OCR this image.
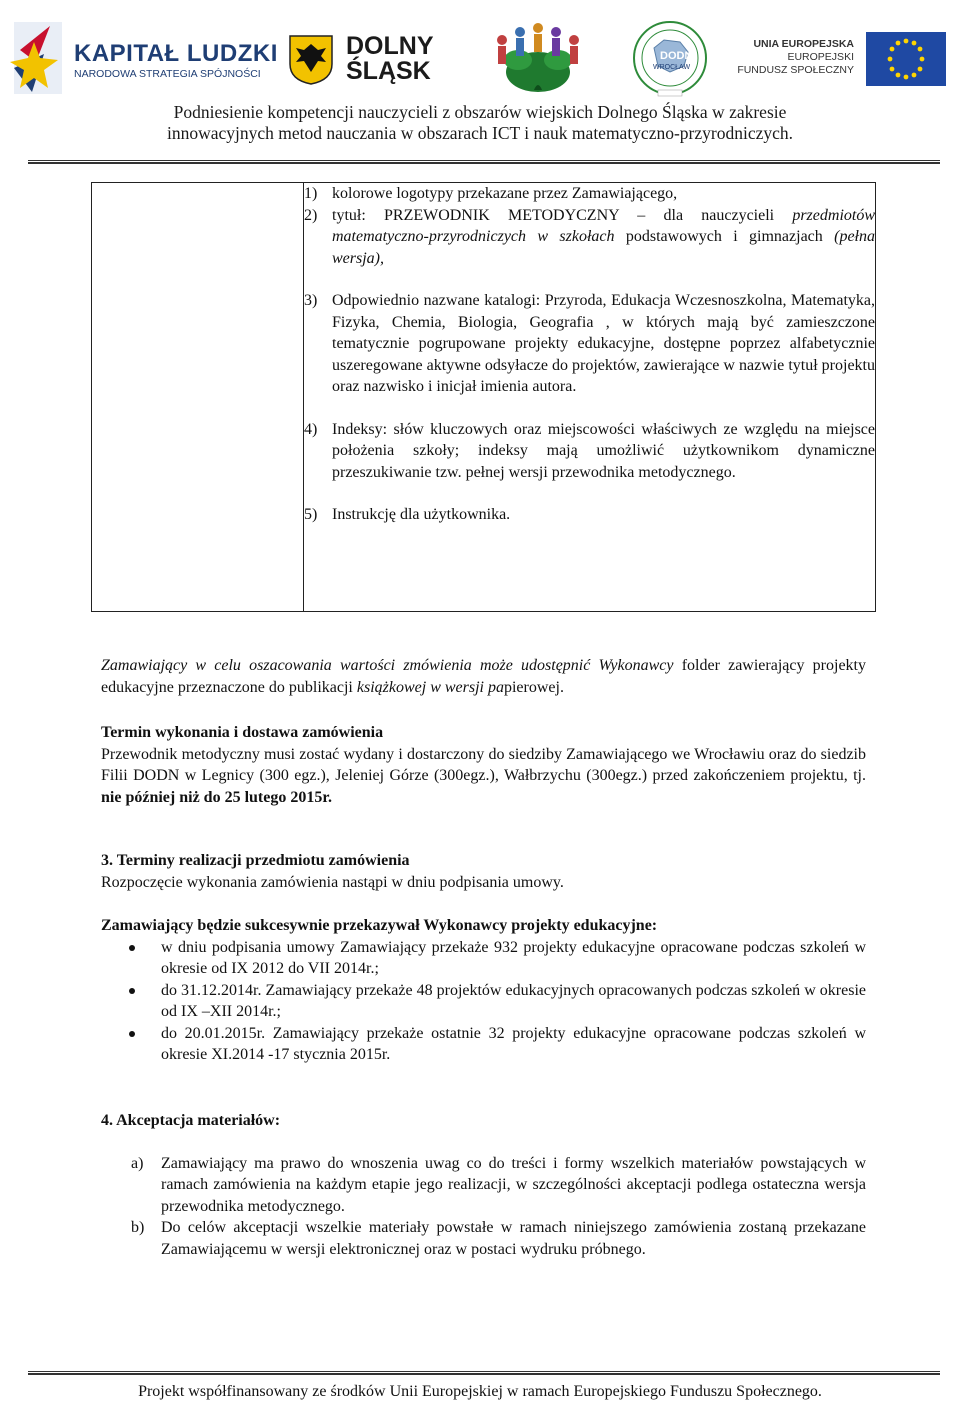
KAPITAŁ LUDZKI
NARODOWA STRATEGIA SPÓJNOŚCI
DOLNY
ŚLĄSK
DODN
WROCŁAW
UNIA EUROPEJSKA
EUROPEJSKI
FUNDUSZ SPOŁECZNY
Podniesienie kompetencji nauczycieli z obszarów wiejskich Dolnego Śląska w zakresie
innowacyjnych metod nauczania w obszarach ICT i nauk matematyczno-przyrodniczych.

1) kolorowe logotypy przekazane przez Zamawiającego,
2) tytuł: PRZEWODNIK METODYCZNY – dla nauczycieli przedmiotów matematyczno-przyrodniczych w szkołach podstawowych i gimnazjach (pełna wersja),
3) Odpowiednio nazwane katalogi: Przyroda, Edukacja Wczesnoszkolna, Matematyka, Fizyka, Chemia, Biologia, Geografia , w których mają być zamieszczone tematycznie pogrupowane projekty edukacyjne, dostępne poprzez alfabetycznie uszeregowane aktywne odsyłacze do projektów, zawierające w nazwie tytuł projektu oraz nazwisko i inicjał imienia autora.
4) Indeksy: słów kluczowych oraz miejscowości właściwych ze względu na miejsce położenia szkoły; indeksy mają umożliwić użytkownikom dynamiczne przeszukiwanie tzw. pełnej wersji przewodnika metodycznego.
5) Instrukcję dla użytkownika.
Zamawiający w celu oszacowania wartości zmówienia może udostępnić Wykonawcy folder zawierający projekty edukacyjne przeznaczone do publikacji książkowej w wersji papierowej.
Termin wykonania i dostawa zamówienia
Przewodnik metodyczny musi zostać wydany i dostarczony do siedziby Zamawiającego we Wrocławiu oraz do siedzib Filii DODN w Legnicy (300 egz.), Jeleniej Górze (300egz.), Wałbrzychu (300egz.) przed zakończeniem projektu, tj. nie później niż do 25 lutego 2015r.
3. Terminy realizacji przedmiotu zamówienia
Rozpoczęcie wykonania zamówienia nastąpi w dniu podpisania umowy.
Zamawiający będzie sukcesywnie przekazywał Wykonawcy projekty edukacyjne:
w dniu podpisania umowy Zamawiający przekaże 932 projekty edukacyjne opracowane podczas szkoleń w okresie od IX 2012 do VII 2014r.;
do 31.12.2014r. Zamawiający przekaże 48 projektów edukacyjnych opracowanych podczas szkoleń w okresie od IX –XII 2014r.;
do 20.01.2015r. Zamawiający przekaże ostatnie 32 projekty edukacyjne opracowane podczas szkoleń w okresie XI.2014 -17 stycznia 2015r.
4. Akceptacja materiałów:
a) Zamawiający ma prawo do wnoszenia uwag co do treści i formy wszelkich materiałów powstających w ramach zamówienia na każdym etapie jego realizacji, w szczególności akceptacji podlega ostateczna wersja przewodnika metodycznego.
b) Do celów akceptacji wszelkie materiały powstałe w ramach niniejszego zamówienia zostaną przekazane Zamawiającemu w wersji elektronicznej oraz w postaci wydruku próbnego.
Projekt współfinansowany ze środków Unii Europejskiej w ramach Europejskiego Funduszu Społecznego.
